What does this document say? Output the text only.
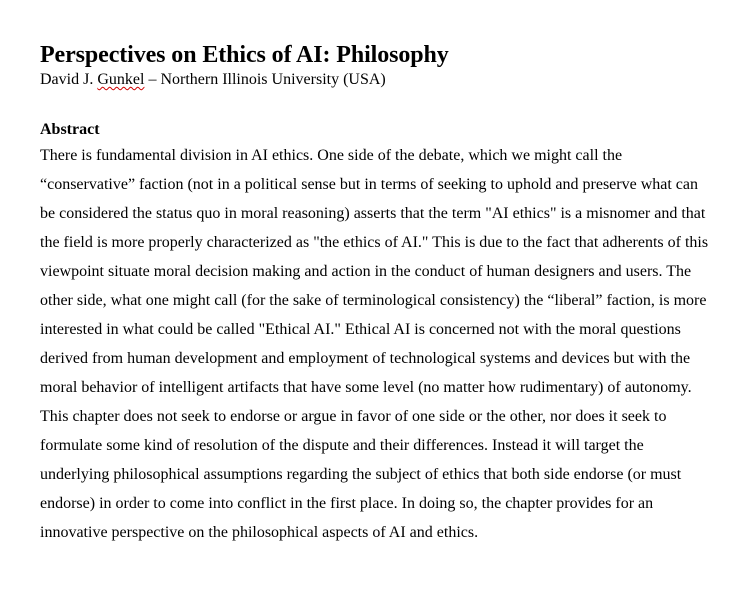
Perspectives on Ethics of AI: Philosophy

David J. Gunkel – Northern Illinois University (USA)

Abstract

There is fundamental division in AI ethics. One side of the debate, which we might call the “conservative” faction (not in a political sense but in terms of seeking to uphold and preserve what can be considered the status quo in moral reasoning) asserts that the term "AI ethics" is a misnomer and that the field is more properly characterized as "the ethics of AI." This is due to the fact that adherents of this viewpoint situate moral decision making and action in the conduct of human designers and users. The other side, what one might call (for the sake of terminological consistency) the “liberal” faction, is more interested in what could be called "Ethical AI." Ethical AI is concerned not with the moral questions derived from human development and employment of technological systems and devices but with the moral behavior of intelligent artifacts that have some level (no matter how rudimentary) of autonomy. This chapter does not seek to endorse or argue in favor of one side or the other, nor does it seek to formulate some kind of resolution of the dispute and their differences. Instead it will target the underlying philosophical assumptions regarding the subject of ethics that both side endorse (or must endorse) in order to come into conflict in the first place. In doing so, the chapter provides for an innovative perspective on the philosophical aspects of AI and ethics.
